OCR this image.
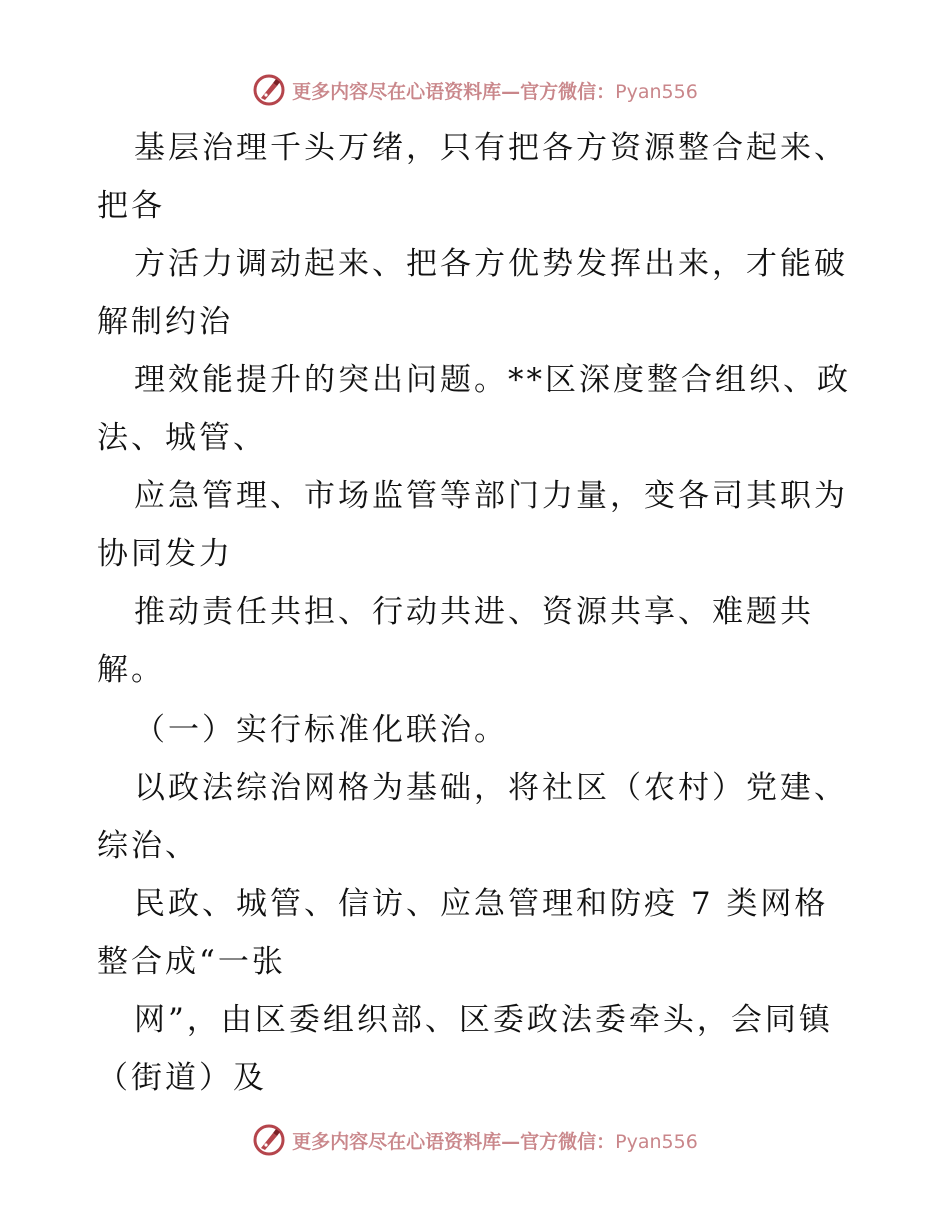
更多内容尽在心语资料库—官方微信：Pyan556
基层治理千头万绪，只有把各方资源整合起来、
把各
方活力调动起来、把各方优势发挥出来，才能破
解制约治
理效能提升的突出问题。**区深度整合组织、政
法、城管、
应急管理、市场监管等部门力量，变各司其职为
协同发力
推动责任共担、行动共进、资源共享、难题共
解。
（一）实行标准化联治。
以政法综治网格为基础，将社区（农村）党建、
综治、
民政、城管、信访、应急管理和防疫 7 类网格
整合成“一张
网”，由区委组织部、区委政法委牵头，会同镇
（街道）及
更多内容尽在心语资料库—官方微信：Pyan556
